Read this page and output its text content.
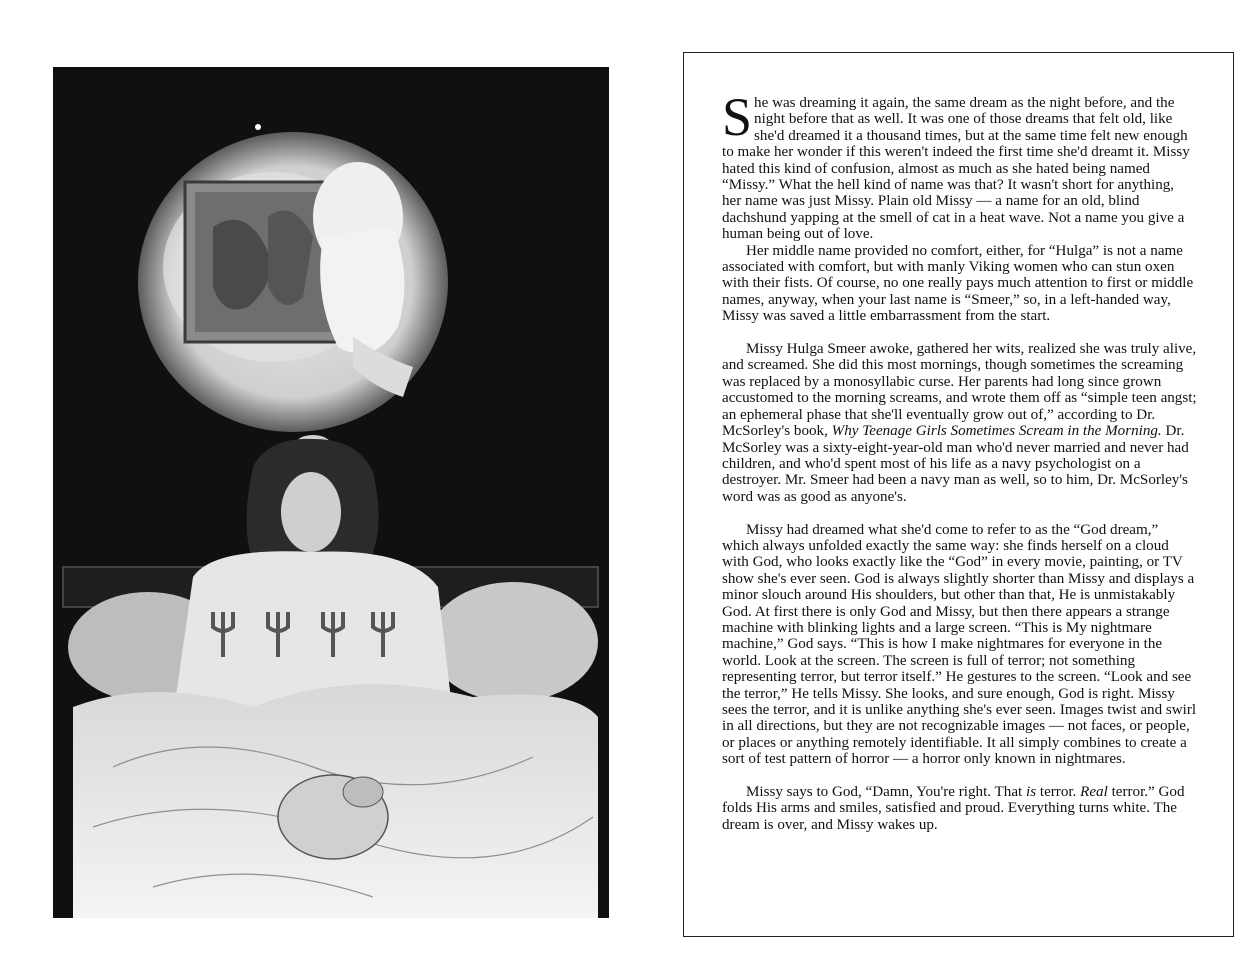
She was dreaming it again, the same dream as the night before, and the night before that as well. It was one of those dreams that felt old, like she'd dreamed it a thousand times, but at the same time felt new enough to make her wonder if this weren't indeed the first time she'd dreamt it. Missy hated this kind of confusion, almost as much as she hated being named “Missy.” What the hell kind of name was that? It wasn't short for anything, her name was just Missy. Plain old Missy — a name for an old, blind dachshund yapping at the smell of cat in a heat wave. Not a name you give a human being out of love.

Her middle name provided no comfort, either, for “Hulga” is not a name associated with comfort, but with manly Viking women who can stun oxen with their fists. Of course, no one really pays much attention to first or middle names, anyway, when your last name is “Smeer,” so, in a left-handed way, Missy was saved a little embarrassment from the start.

Missy Hulga Smeer awoke, gathered her wits, realized she was truly alive, and screamed. She did this most mornings, though sometimes the screaming was replaced by a monosyllabic curse. Her parents had long since grown accustomed to the morning screams, and wrote them off as “simple teen angst; an ephemeral phase that she'll eventually grow out of,” according to Dr. McSorley's book, Why Teenage Girls Sometimes Scream in the Morning. Dr. McSorley was a sixty-eight-year-old man who'd never married and never had children, and who'd spent most of his life as a navy psychologist on a destroyer. Mr. Smeer had been a navy man as well, so to him, Dr. McSorley's word was as good as anyone's.

Missy had dreamed what she'd come to refer to as the “God dream,” which always unfolded exactly the same way: she finds herself on a cloud with God, who looks exactly like the “God” in every movie, painting, or TV show she's ever seen. God is always slightly shorter than Missy and displays a minor slouch around His shoulders, but other than that, He is unmistakably God. At first there is only God and Missy, but then there appears a strange machine with blinking lights and a large screen. “This is My nightmare machine,” God says. “This is how I make nightmares for everyone in the world. Look at the screen. The screen is full of terror; not something representing terror, but terror itself.” He gestures to the screen. “Look and see the terror,” He tells Missy. She looks, and sure enough, God is right. Missy sees the terror, and it is unlike anything she's ever seen. Images twist and swirl in all directions, but they are not recognizable images — not faces, or people, or places or anything remotely identifiable. It all simply combines to create a sort of test pattern of horror — a horror only known in nightmares.

Missy says to God, “Damn, You're right. That is terror. Real terror.” God folds His arms and smiles, satisfied and proud. Everything turns white. The dream is over, and Missy wakes up.
